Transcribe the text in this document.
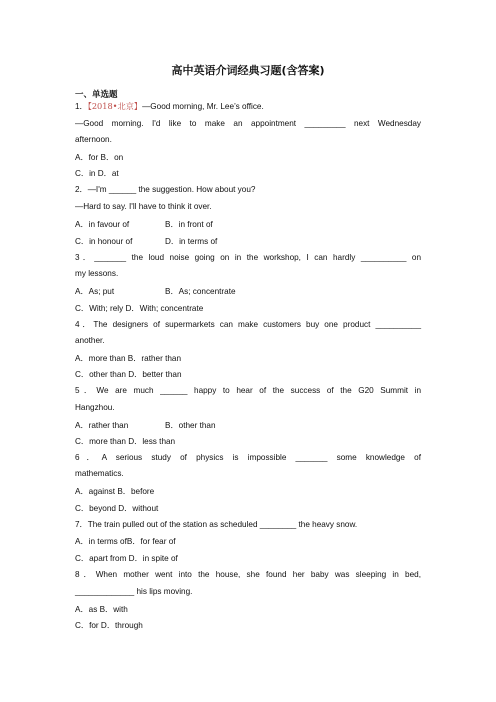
高中英语介词经典习题(含答案)
一、单选题
1．【2018•北京】—Good morning, Mr. Lee’s office.
—Good morning. I'd like to make an appointment _________ next Wednesday
afternoon.
A．for B．on
C．in D．at
2．—I'm ______ the suggestion. How about you?
—Hard to say. I'll have to think it over.
A．in favour of	B．in front of
C．in honour of	D．in terms of
3．_______ the loud noise going on in the workshop, I can hardly __________ on
my lessons.
A．As; put	B．As; concentrate
C．With; rely D．With; concentrate
4．The designers of supermarkets can make customers buy one product __________
another.
A．more than B．rather than
C．other than D．better than
5．We are much ______ happy to hear of the success of the G20 Summit in
Hangzhou.
A．rather than	B．other than
C．more than D．less than
6．A serious study of physics is impossible _______ some knowledge of
mathematics.
A．against B．before
C．beyond D．without
7．The train pulled out of the station as scheduled ________ the heavy snow.
A．in terms ofB．for fear of
C．apart from D．in spite of
8．When mother went into the house, she found her baby was sleeping in bed,
_____________ his lips moving.
A．as B．with
C．for D．through
